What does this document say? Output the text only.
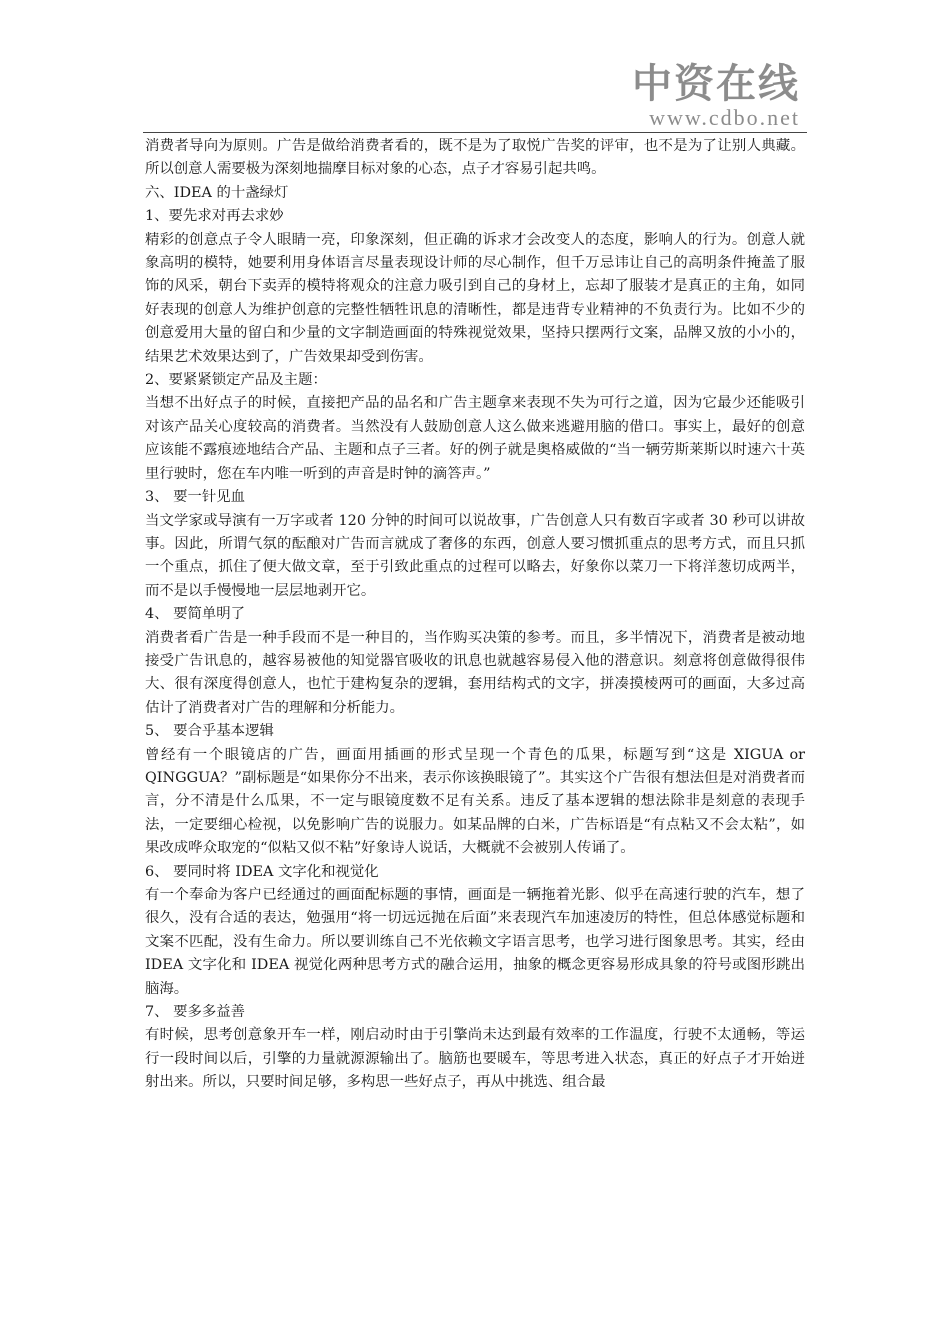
中资在线
www.cdbo.net

消费者导向为原则。广告是做给消费者看的，既不是为了取悦广告奖的评审，也不是为了让别人典藏。所以创意人需要极为深刻地揣摩目标对象的心态，点子才容易引起共鸣。

六、IDEA 的十盏绿灯

1、要先求对再去求妙

精彩的创意点子令人眼睛一亮，印象深刻，但正确的诉求才会改变人的态度，影响人的行为。创意人就象高明的模特，她要利用身体语言尽量表现设计师的尽心制作，但千万忌讳让自己的高明条件掩盖了服饰的风采，朝台下卖弄的模特将观众的注意力吸引到自己的身材上，忘却了服装才是真正的主角，如同好表现的创意人为维护创意的完整性牺牲讯息的清晰性，都是违背专业精神的不负责行为。比如不少的创意爱用大量的留白和少量的文字制造画面的特殊视觉效果，坚持只摆两行文案，品牌又放的小小的，结果艺术效果达到了，广告效果却受到伤害。

2、要紧紧锁定产品及主题：

当想不出好点子的时候，直接把产品的品名和广告主题拿来表现不失为可行之道，因为它最少还能吸引对该产品关心度较高的消费者。当然没有人鼓励创意人这么做来逃避用脑的借口。事实上，最好的创意应该能不露痕迹地结合产品、主题和点子三者。好的例子就是奥格威做的“当一辆劳斯莱斯以时速六十英里行驶时，您在车内唯一听到的声音是时钟的滴答声。”

3、 要一针见血

当文学家或导演有一万字或者 120 分钟的时间可以说故事，广告创意人只有数百字或者 30 秒可以讲故事。因此，所谓气氛的酝酿对广告而言就成了奢侈的东西，创意人要习惯抓重点的思考方式，而且只抓一个重点，抓住了便大做文章，至于引致此重点的过程可以略去，好象你以菜刀一下将洋葱切成两半，而不是以手慢慢地一层层地剥开它。

4、 要简单明了

消费者看广告是一种手段而不是一种目的，当作购买决策的参考。而且，多半情况下，消费者是被动地接受广告讯息的，越容易被他的知觉器官吸收的讯息也就越容易侵入他的潜意识。刻意将创意做得很伟大、很有深度得创意人，也忙于建构复杂的逻辑，套用结构式的文字，拼凑摸棱两可的画面，大多过高估计了消费者对广告的理解和分析能力。

5、 要合乎基本逻辑

曾经有一个眼镜店的广告，画面用插画的形式呈现一个青色的瓜果，标题写到“这是 XIGUA or QINGGUA？”副标题是“如果你分不出来，表示你该换眼镜了”。其实这个广告很有想法但是对消费者而言，分不清是什么瓜果，不一定与眼镜度数不足有关系。违反了基本逻辑的想法除非是刻意的表现手法，一定要细心检视，以免影响广告的说服力。如某品牌的白米，广告标语是“有点粘又不会太粘”，如果改成哗众取宠的“似粘又似不粘”好象诗人说话，大概就不会被别人传诵了。

6、 要同时将 IDEA 文字化和视觉化

有一个奉命为客户已经通过的画面配标题的事情，画面是一辆拖着光影、似乎在高速行驶的汽车，想了很久，没有合适的表达，勉强用“将一切远远抛在后面”来表现汽车加速凌厉的特性，但总体感觉标题和文案不匹配，没有生命力。所以要训练自己不光依赖文字语言思考，也学习进行图象思考。其实，经由 IDEA 文字化和 IDEA 视觉化两种思考方式的融合运用，抽象的概念更容易形成具象的符号或图形跳出脑海。

7、 要多多益善

有时候，思考创意象开车一样，刚启动时由于引擎尚未达到最有效率的工作温度，行驶不太通畅，等运行一段时间以后，引擎的力量就源源输出了。脑筋也要暖车，等思考进入状态，真正的好点子才开始迸射出来。所以，只要时间足够，多构思一些好点子，再从中挑选、组合最
